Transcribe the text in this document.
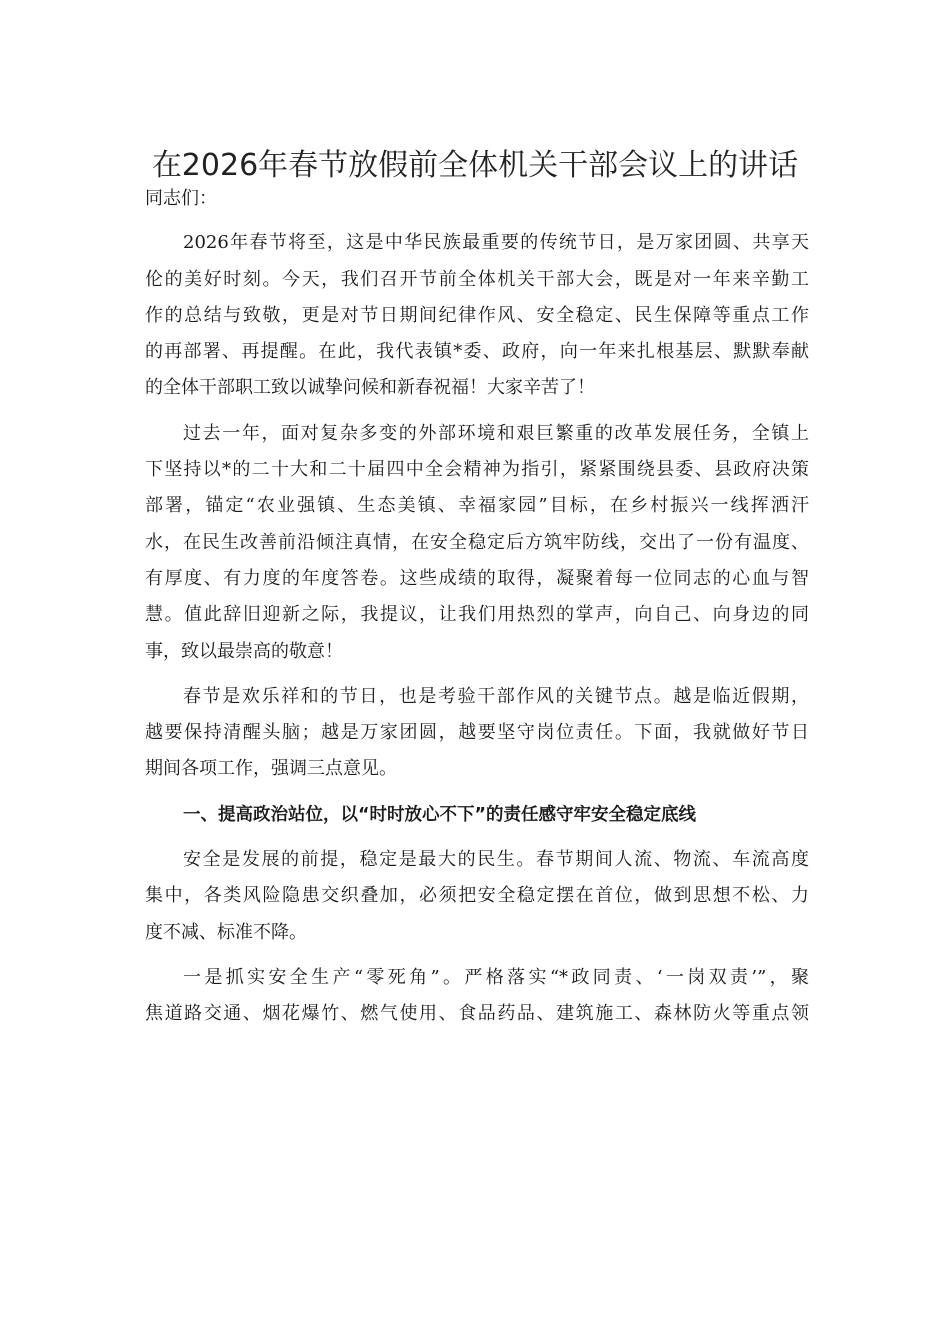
在2026年春节放假前全体机关干部会议上的讲话
同志们：
2026年春节将至，这是中华民族最重要的传统节日，是万家团圆、共享天
伦的美好时刻。今天，我们召开节前全体机关干部大会，既是对一年来辛勤工
作的总结与致敬，更是对节日期间纪律作风、安全稳定、民生保障等重点工作
的再部署、再提醒。在此，我代表镇*委、政府，向一年来扎根基层、默默奉献
的全体干部职工致以诚挚问候和新春祝福！大家辛苦了！
过去一年，面对复杂多变的外部环境和艰巨繁重的改革发展任务，全镇上
下坚持以*的二十大和二十届四中全会精神为指引，紧紧围绕县委、县政府决策
部署，锚定“农业强镇、生态美镇、幸福家园”目标，在乡村振兴一线挥洒汗
水，在民生改善前沿倾注真情，在安全稳定后方筑牢防线，交出了一份有温度、
有厚度、有力度的年度答卷。这些成绩的取得，凝聚着每一位同志的心血与智
慧。值此辞旧迎新之际，我提议，让我们用热烈的掌声，向自己、向身边的同
事，致以最崇高的敬意！
春节是欢乐祥和的节日，也是考验干部作风的关键节点。越是临近假期，
越要保持清醒头脑；越是万家团圆，越要坚守岗位责任。下面，我就做好节日
期间各项工作，强调三点意见。
一、提高政治站位，以“时时放心不下”的责任感守牢安全稳定底线
安全是发展的前提，稳定是最大的民生。春节期间人流、物流、车流高度
集中，各类风险隐患交织叠加，必须把安全稳定摆在首位，做到思想不松、力
度不减、标准不降。
一是抓实安全生产“零死角”。严格落实“*政同责、‘一岗双责’”，聚
焦道路交通、烟花爆竹、燃气使用、食品药品、建筑施工、森林防火等重点领
